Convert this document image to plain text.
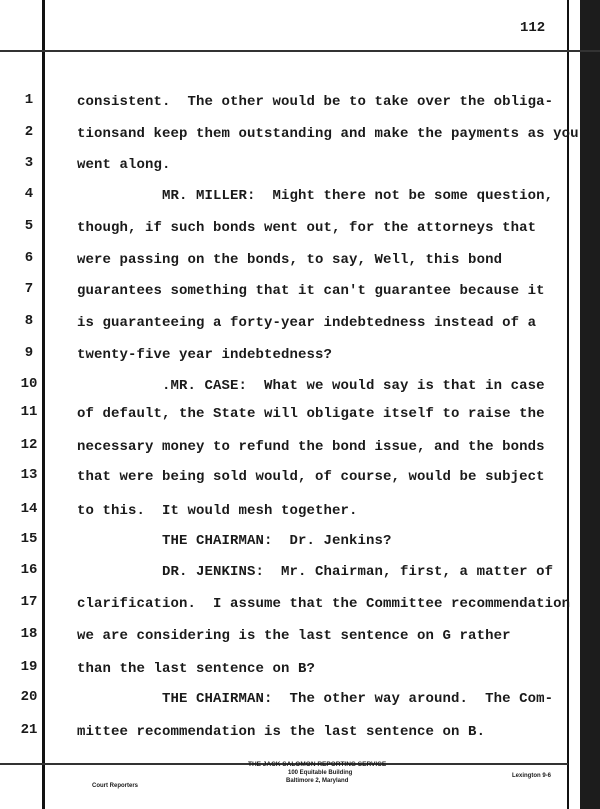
112
1	consistent.  The other would be to take over the obliga-
2	tionsand keep them outstanding and make the payments as you
3	went along.
4	MR. MILLER:  Might there not be some question,
5	though, if such bonds went out, for the attorneys that
6	were passing on the bonds, to say, Well, this bond
7	guarantees something that it can't guarantee because it
8	is guaranteeing a forty-year indebtedness instead of a
9	twenty-five year indebtedness?
10	.MR. CASE:  What we would say is that in case
11	of default, the State will obligate itself to raise the
12	necessary money to refund the bond issue, and the bonds
13	that were being sold would, of course, would be subject
14	to this.  It would mesh together.
15	THE CHAIRMAN:  Dr. Jenkins?
16	DR. JENKINS:  Mr. Chairman, first, a matter of
17	clarification.  I assume that the Committee recommendation
18	we are considering is the last sentence on G rather
19	than the last sentence on B?
20	THE CHAIRMAN:  The other way around.  The Com-
21	mittee recommendation is the last sentence on B.
THE JACK SALOMON REPORTING SERVICE
100 Equitable Building
Baltimore 2, Maryland
Lexington 9-6
Court Reporters
